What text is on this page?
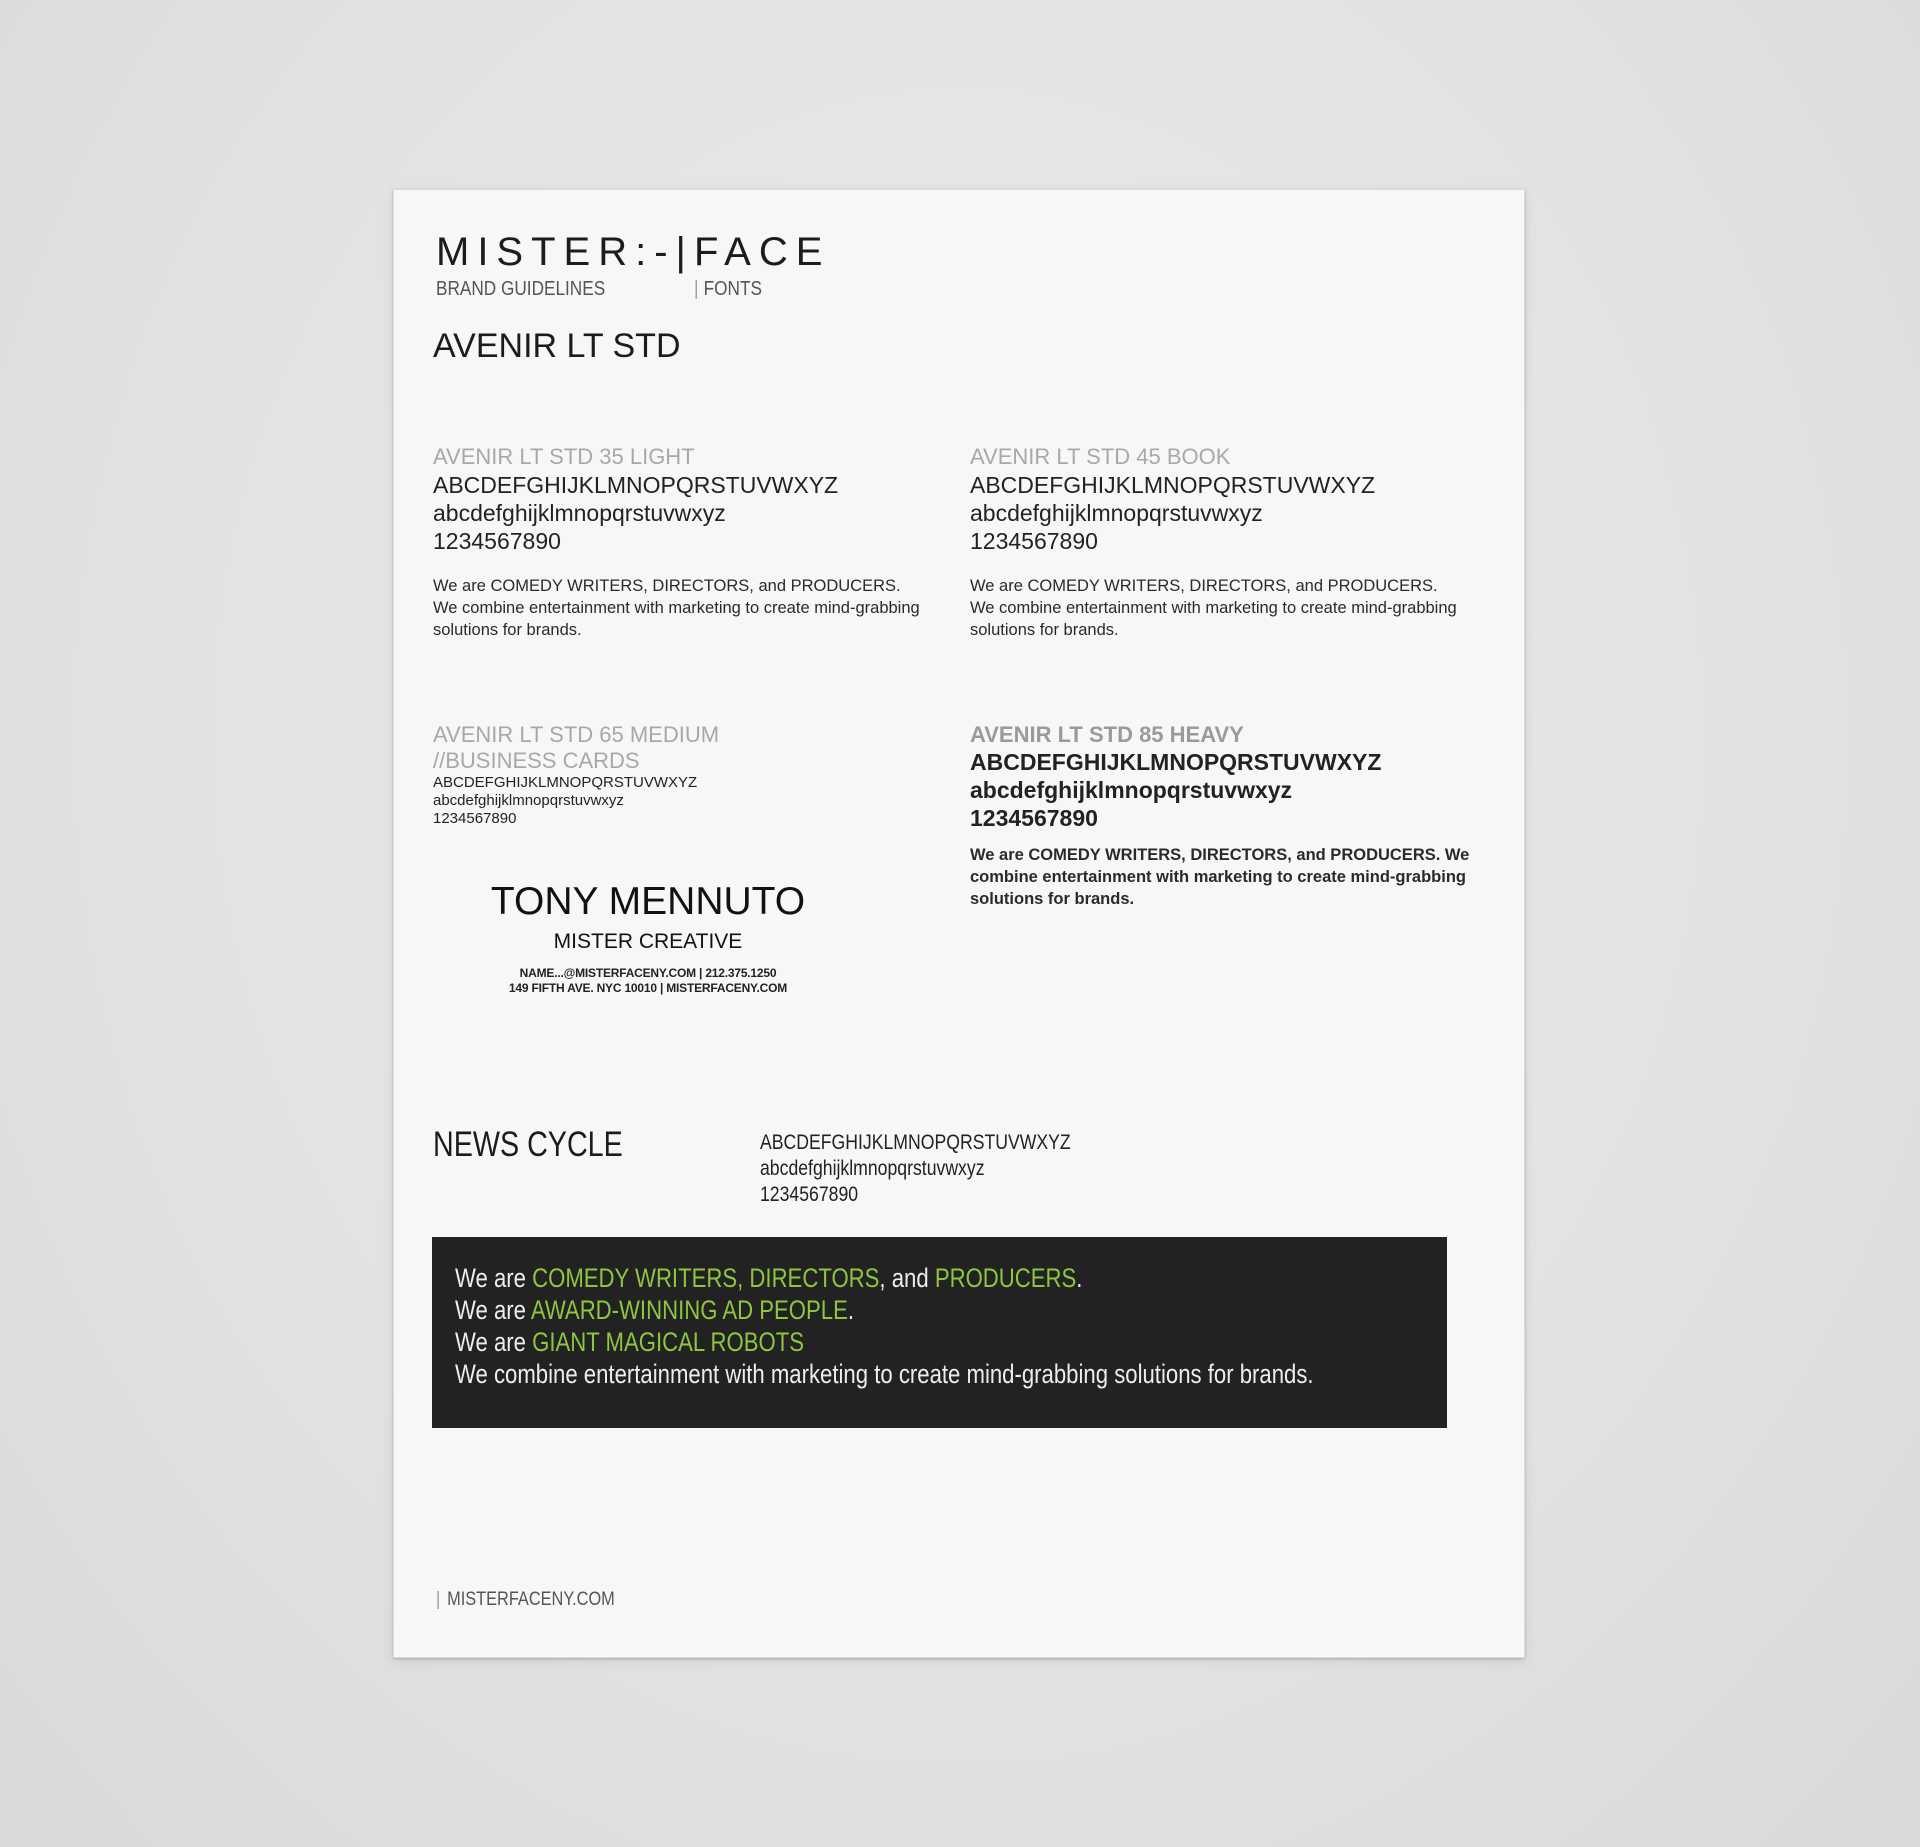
MISTER:-|FACE
BRAND GUIDELINES	| FONTS
AVENIR LT STD
AVENIR LT STD 35 LIGHT
ABCDEFGHIJKLMNOPQRSTUVWXYZ
abcdefghijklmnopqrstuvwxyz
1234567890
We are COMEDY WRITERS, DIRECTORS, and PRODUCERS. We combine entertainment with marketing to create mind-grabbing solutions for brands.
AVENIR LT STD 45 BOOK
ABCDEFGHIJKLMNOPQRSTUVWXYZ
abcdefghijklmnopqrstuvwxyz
1234567890
We are COMEDY WRITERS, DIRECTORS, and PRODUCERS. We combine entertainment with marketing to create mind-grabbing solutions for brands.
AVENIR LT STD 65 MEDIUM
//BUSINESS CARDS
ABCDEFGHIJKLMNOPQRSTUVWXYZ
abcdefghijklmnopqrstuvwxyz
1234567890
AVENIR LT STD 85 HEAVY
ABCDEFGHIJKLMNOPQRSTUVWXYZ
abcdefghijklmnopqrstuvwxyz
1234567890
We are COMEDY WRITERS, DIRECTORS, and PRODUCERS. We combine entertainment with marketing to create mind-grabbing solutions for brands.
TONY MENNUTO
MISTER CREATIVE
NAME...@MISTERFACENY.COM | 212.375.1250
149 FIFTH AVE. NYC 10010 | MISTERFACENY.COM
NEWS CYCLE	ABCDEFGHIJKLMNOPQRSTUVWXYZ
abcdefghijklmnopqrstuvwxyz
1234567890
We are COMEDY WRITERS, DIRECTORS, and PRODUCERS.
We are AWARD-WINNING AD PEOPLE.
We are GIANT MAGICAL ROBOTS
We combine entertainment with marketing to create mind-grabbing solutions for brands.
| MISTERFACENY.COM
